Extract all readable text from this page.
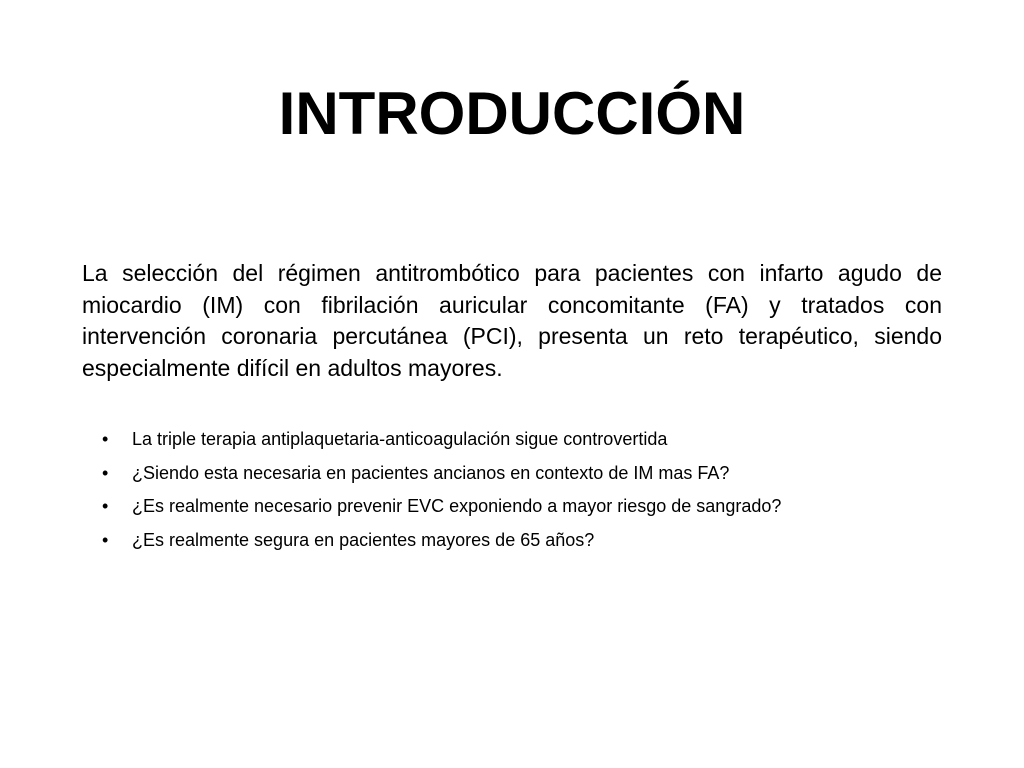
INTRODUCCIÓN

La selección del régimen antitrombótico para pacientes con infarto agudo de miocardio (IM) con fibrilación auricular concomitante (FA) y tratados con intervención coronaria percutánea (PCI), presenta un reto terapéutico, siendo especialmente difícil en adultos mayores.

• La triple terapia antiplaquetaria-anticoagulación sigue controvertida
• ¿Siendo esta necesaria en pacientes ancianos en contexto de IM mas FA?
• ¿Es realmente necesario prevenir EVC exponiendo a mayor riesgo de sangrado?
• ¿Es realmente segura en pacientes mayores de 65 años?
